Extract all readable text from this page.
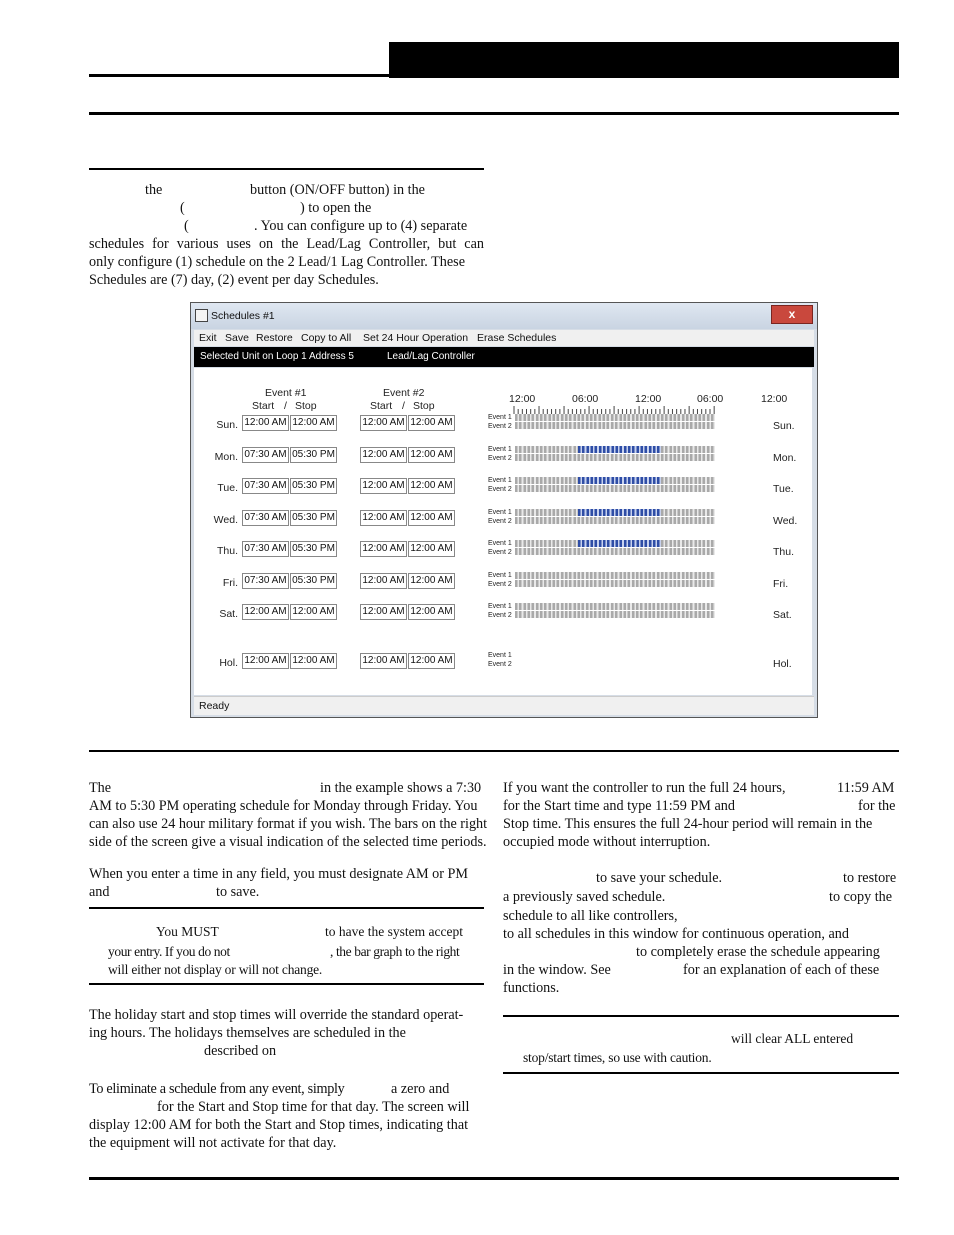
the	button (ON/OFF button) in the
(	) to open the
(	. You can configure up to (4) separate
schedules for various uses on the Lead/Lag Controller, but can
only configure (1) schedule on the 2 Lead/1 Lag Controller. These
Schedules are (7) day, (2) event per day Schedules.
Schedules #1	x
Exit Save Restore Copy to All Set 24 Hour Operation Erase Schedules
Selected Unit on Loop 1 Address 5	Lead/Lag Controller
Event #1
Start / Stop
Event #2
Start / Stop
12:00	06:00	12:00	06:00	12:00
Sun. 12:00 AM 12:00 AM	12:00 AM 12:00 AM	Event 1
Event 2	Sun.
Mon. 07:30 AM 05:30 PM	12:00 AM 12:00 AM	Event 1
Event 2	Mon.
Tue. 07:30 AM 05:30 PM	12:00 AM 12:00 AM	Event 1
Event 2	Tue.
Wed. 07:30 AM 05:30 PM	12:00 AM 12:00 AM	Event 1
Event 2	Wed.
Thu. 07:30 AM 05:30 PM	12:00 AM 12:00 AM	Event 1
Event 2	Thu.
Fri. 07:30 AM 05:30 PM	12:00 AM 12:00 AM	Event 1
Event 2	Fri.
Sat. 12:00 AM 12:00 AM	12:00 AM 12:00 AM	Event 1
Event 2	Sat.
Hol. 12:00 AM 12:00 AM	12:00 AM 12:00 AM	Event 1
Event 2	Hol.
Ready
The	in the example shows a 7:30
AM to 5:30 PM operating schedule for Monday through Friday. You
can also use 24 hour military format if you wish. The bars on the right
side of the screen give a visual indication of the selected time periods.
When you enter a time in any field, you must designate AM or PM
and	to save.
You MUST	to have the system accept
your entry. If you do not	, the bar graph to the right
will either not display or will not change.
The holiday start and stop times will override the standard operat-
ing hours. The holidays themselves are scheduled in the
described on
To eliminate a schedule from any event, simply	a zero and
for the Start and Stop time for that day. The screen will
display 12:00 AM for both the Start and Stop times, indicating that
the equipment will not activate for that day.
If you want the controller to run the full 24 hours,	11:59 AM
for the Start time and type 11:59 PM and	for the
Stop time. This ensures the full 24-hour period will remain in the
occupied mode without interruption.
to save your schedule.	to restore
a previously saved schedule.	to copy the
schedule to all like controllers,
to all schedules in this window for continuous operation, and
to completely erase the schedule appearing
in the window. See	for an explanation of each of these
functions.
will clear ALL entered
stop/start times, so use with caution.
